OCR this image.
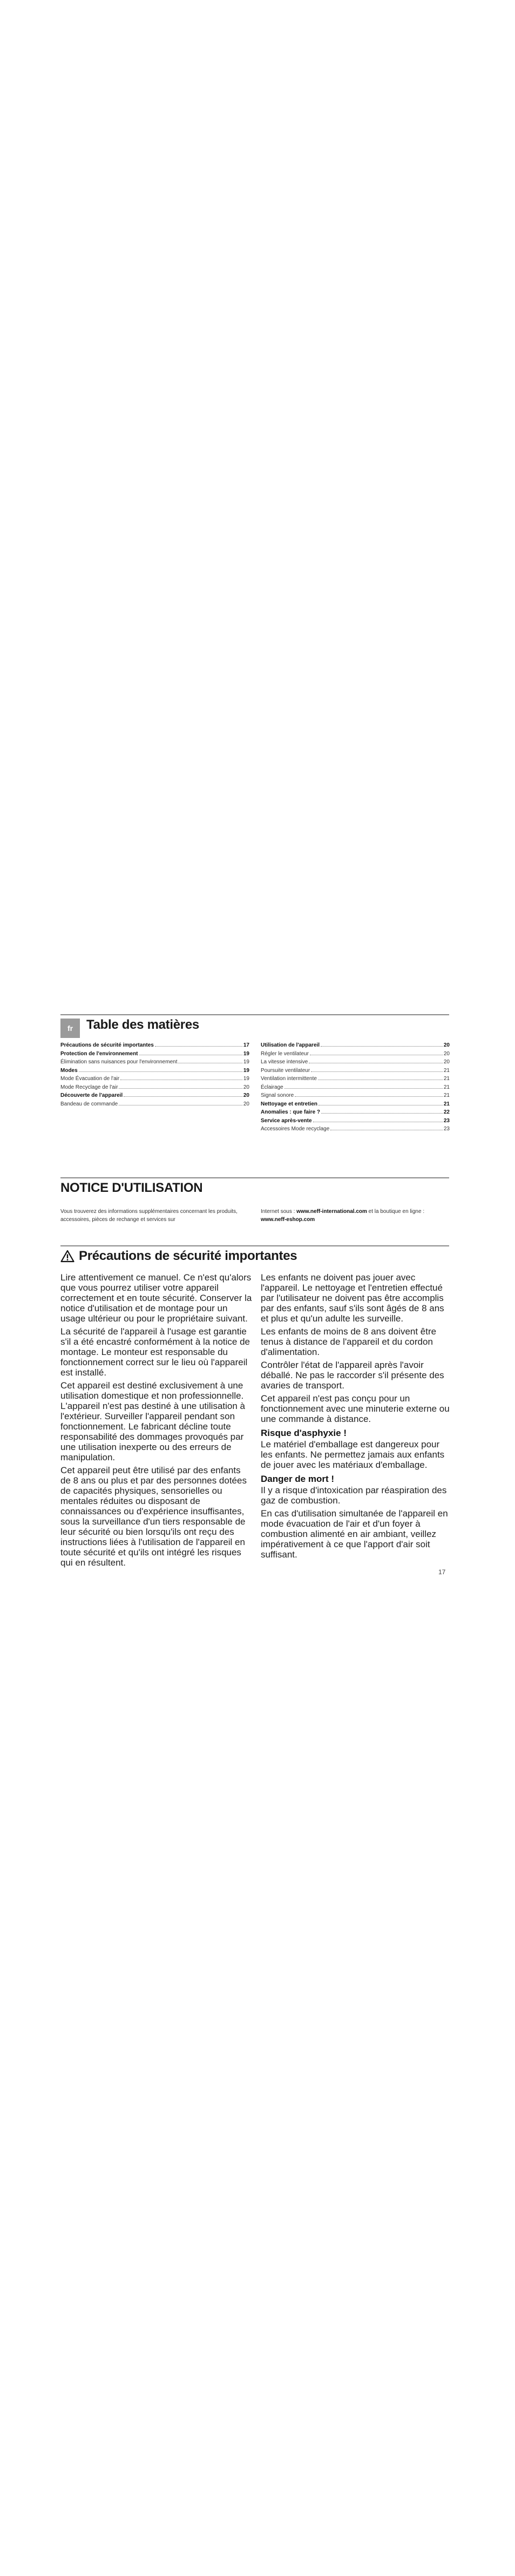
fr Table des matières
Précautions de sécurité importantes	17
Protection de l'environnement	19
Élimination sans nuisances pour l'environnement	19
Modes	19
Mode Évacuation de l'air	19
Mode Recyclage de l'air	20
Découverte de l'appareil	20
Bandeau de commande	20
Utilisation de l'appareil	20
Régler le ventilateur	20
La vitesse intensive	20
Poursuite ventilateur	21
Ventilation intermittente	21
Éclairage	21
Signal sonore	21
Nettoyage et entretien	21
Anomalies : que faire ?	22
Service après-vente	23
Accessoires Mode recyclage	23
NOTICE D'UTILISATION
Vous trouverez des informations supplémentaires concernant les produits, accessoires, pièces de rechange et services sur
Internet sous : www.neff-international.com et la boutique en ligne : www.neff-eshop.com
Précautions de sécurité importantes

Lire attentivement ce manuel. Ce n'est qu'alors que vous pourrez utiliser votre appareil correctement et en toute sécurité. Conserver la notice d'utilisation et de montage pour un usage ultérieur ou pour le propriétaire suivant.

La sécurité de l'appareil à l'usage est garantie s'il a été encastré conformément à la notice de montage. Le monteur est responsable du fonctionnement correct sur le lieu où l'appareil est installé.

Cet appareil est destiné exclusivement à une utilisation domestique et non professionnelle. L'appareil n'est pas destiné à une utilisation à l'extérieur. Surveiller l'appareil pendant son fonctionnement. Le fabricant décline toute responsabilité des dommages provoqués par une utilisation inexperte ou des erreurs de manipulation.

Cet appareil peut être utilisé par des enfants de 8 ans ou plus et par des personnes dotées de capacités physiques, sensorielles ou mentales réduites ou disposant de connaissances ou d'expérience insuffisantes, sous la surveillance d'un tiers responsable de leur sécurité ou bien lorsqu'ils ont reçu des instructions liées à l'utilisation de l'appareil en toute sécurité et qu'ils ont intégré les risques qui en résultent.

Les enfants ne doivent pas jouer avec l'appareil. Le nettoyage et l'entretien effectué par l'utilisateur ne doivent pas être accomplis par des enfants, sauf s'ils sont âgés de 8 ans et plus et qu'un adulte les surveille.

Les enfants de moins de 8 ans doivent être tenus à distance de l'appareil et du cordon d'alimentation.

Contrôler l'état de l'appareil après l'avoir déballé. Ne pas le raccorder s'il présente des avaries de transport.

Cet appareil n'est pas conçu pour un fonctionnement avec une minuterie externe ou une commande à distance.

Risque d'asphyxie !

Le matériel d'emballage est dangereux pour les enfants. Ne permettez jamais aux enfants de jouer avec les matériaux d'emballage.

Danger de mort !

Il y a risque d'intoxication par réaspiration des gaz de combustion.

En cas d'utilisation simultanée de l'appareil en mode évacuation de l'air et d'un foyer à combustion alimenté en air ambiant, veillez impérativement à ce que l'apport d'air soit suffisant.

17
